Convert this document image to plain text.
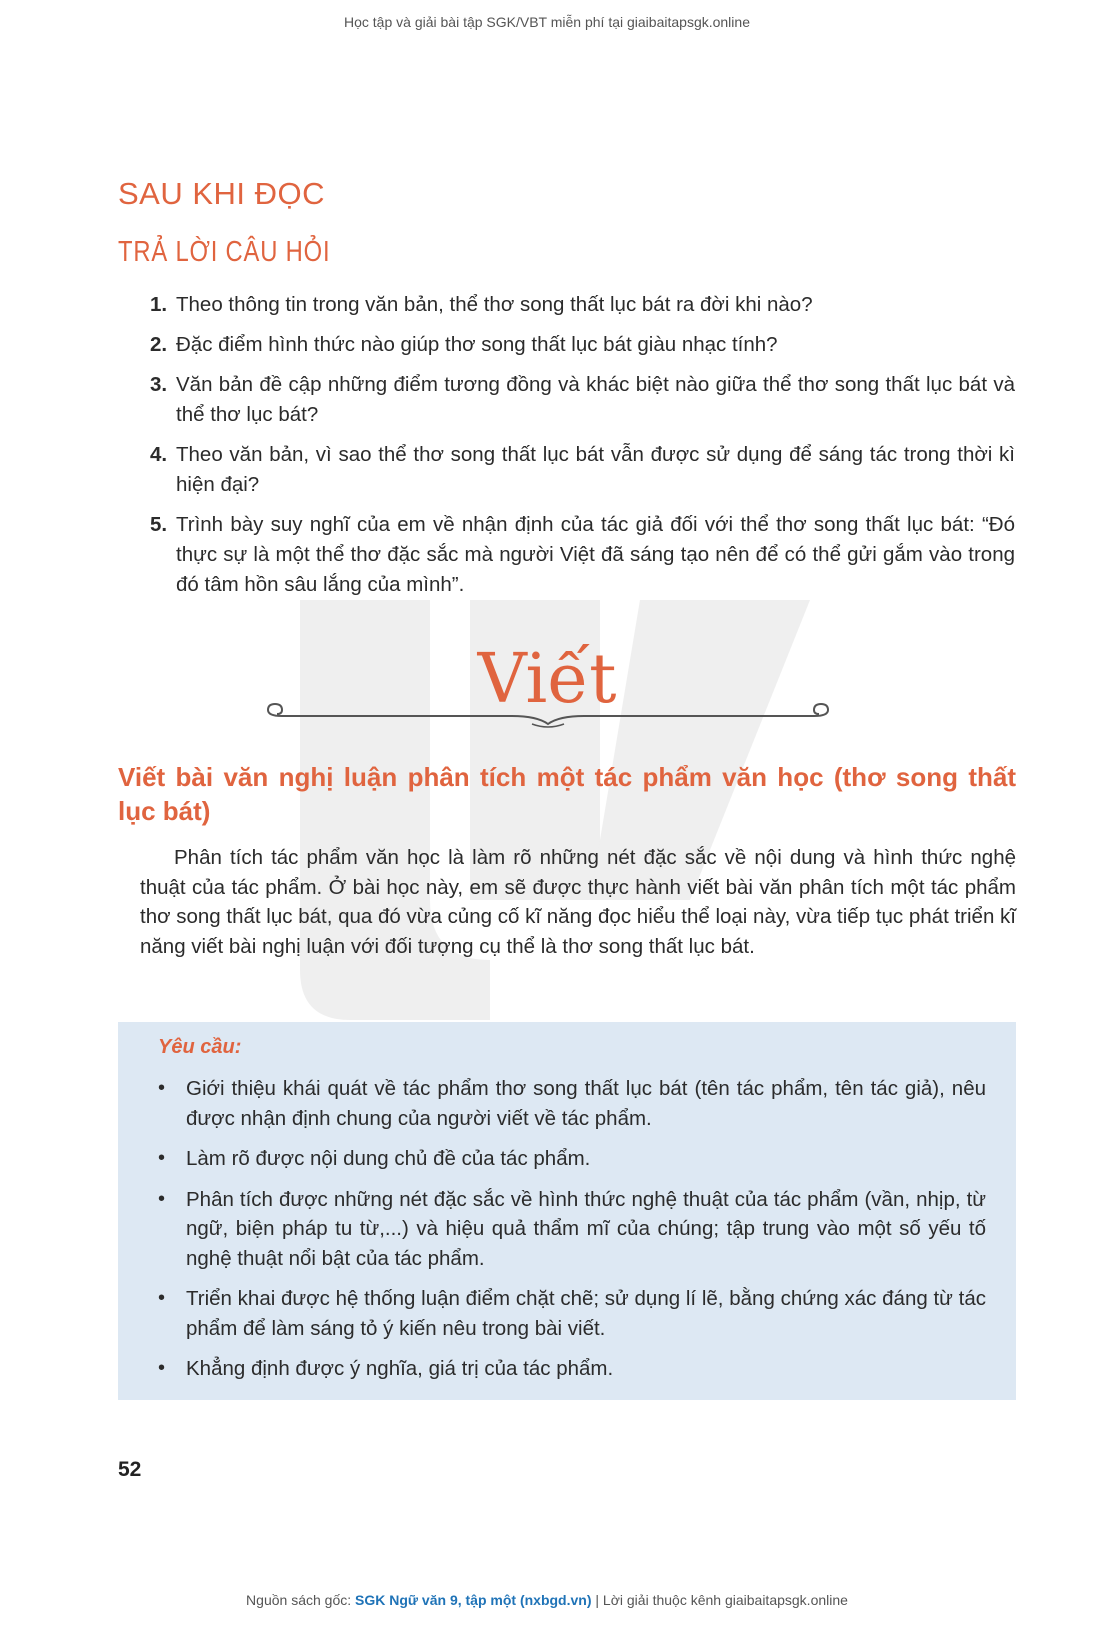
Học tập và giải bài tập SGK/VBT miễn phí tại giaibaitapsgk.online
SAU KHI ĐỌC
TRẢ LỜI CÂU HỎI
1. Theo thông tin trong văn bản, thể thơ song thất lục bát ra đời khi nào?
2. Đặc điểm hình thức nào giúp thơ song thất lục bát giàu nhạc tính?
3. Văn bản đề cập những điểm tương đồng và khác biệt nào giữa thể thơ song thất lục bát và thể thơ lục bát?
4. Theo văn bản, vì sao thể thơ song thất lục bát vẫn được sử dụng để sáng tác trong thời kì hiện đại?
5. Trình bày suy nghĩ của em về nhận định của tác giả đối với thể thơ song thất lục bát: “Đó thực sự là một thể thơ đặc sắc mà người Việt đã sáng tạo nên để có thể gửi gắm vào trong đó tâm hồn sâu lắng của mình”.
Viết
Viết bài văn nghị luận phân tích một tác phẩm văn học (thơ song thất lục bát)
Phân tích tác phẩm văn học là làm rõ những nét đặc sắc về nội dung và hình thức nghệ thuật của tác phẩm. Ở bài học này, em sẽ được thực hành viết bài văn phân tích một tác phẩm thơ song thất lục bát, qua đó vừa củng cố kĩ năng đọc hiểu thể loại này, vừa tiếp tục phát triển kĩ năng viết bài nghị luận với đối tượng cụ thể là thơ song thất lục bát.
Yêu cầu:
•	Giới thiệu khái quát về tác phẩm thơ song thất lục bát (tên tác phẩm, tên tác giả), nêu được nhận định chung của người viết về tác phẩm.
•	Làm rõ được nội dung chủ đề của tác phẩm.
•	Phân tích được những nét đặc sắc về hình thức nghệ thuật của tác phẩm (vần, nhịp, từ ngữ, biện pháp tu từ,...) và hiệu quả thẩm mĩ của chúng; tập trung vào một số yếu tố nghệ thuật nổi bật của tác phẩm.
•	Triển khai được hệ thống luận điểm chặt chẽ; sử dụng lí lẽ, bằng chứng xác đáng từ tác phẩm để làm sáng tỏ ý kiến nêu trong bài viết.
•	Khẳng định được ý nghĩa, giá trị của tác phẩm.
52
Nguồn sách gốc: SGK Ngữ văn 9, tập một (nxbgd.vn) | Lời giải thuộc kênh giaibaitapsgk.online
